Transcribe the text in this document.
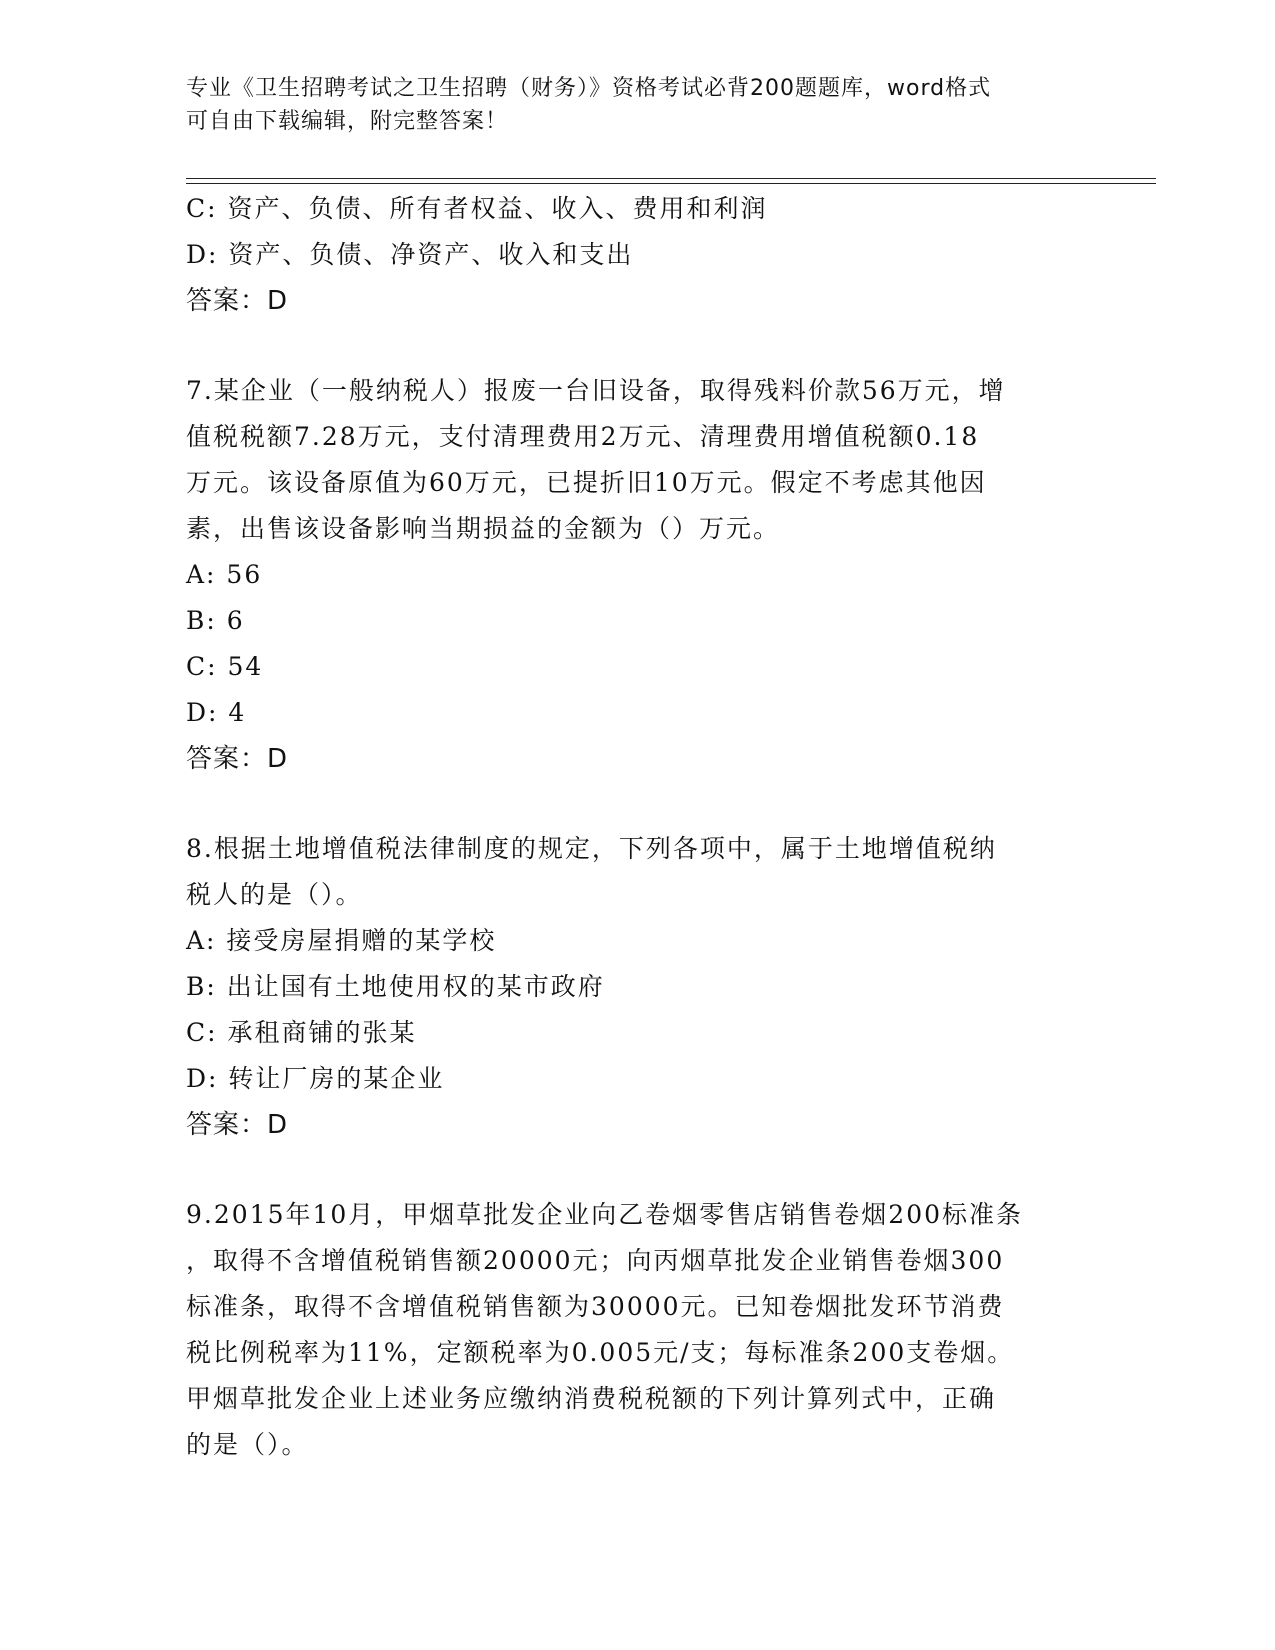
专业《卫生招聘考试之卫生招聘（财务）》资格考试必背200题题库，word格式
可自由下载编辑，附完整答案！
C: 资产、负债、所有者权益、收入、费用和利润
D: 资产、负债、净资产、收入和支出
答案：D
7.某企业（一般纳税人）报废一台旧设备，取得残料价款56万元，增
值税税额7.28万元，支付清理费用2万元、清理费用增值税额0.18
万元。该设备原值为60万元，已提折旧10万元。假定不考虑其他因
素，出售该设备影响当期损益的金额为（）万元。
A: 56
B: 6
C: 54
D: 4
答案：D
8.根据土地增值税法律制度的规定，下列各项中，属于土地增值税纳
税人的是（）。
A: 接受房屋捐赠的某学校
B: 出让国有土地使用权的某市政府
C: 承租商铺的张某
D: 转让厂房的某企业
答案：D
9.2015年10月，甲烟草批发企业向乙卷烟零售店销售卷烟200标准条
，取得不含增值税销售额20000元；向丙烟草批发企业销售卷烟300
标准条，取得不含增值税销售额为30000元。已知卷烟批发环节消费
税比例税率为11%，定额税率为0.005元/支；每标准条200支卷烟。
甲烟草批发企业上述业务应缴纳消费税税额的下列计算列式中，正确
的是（）。
